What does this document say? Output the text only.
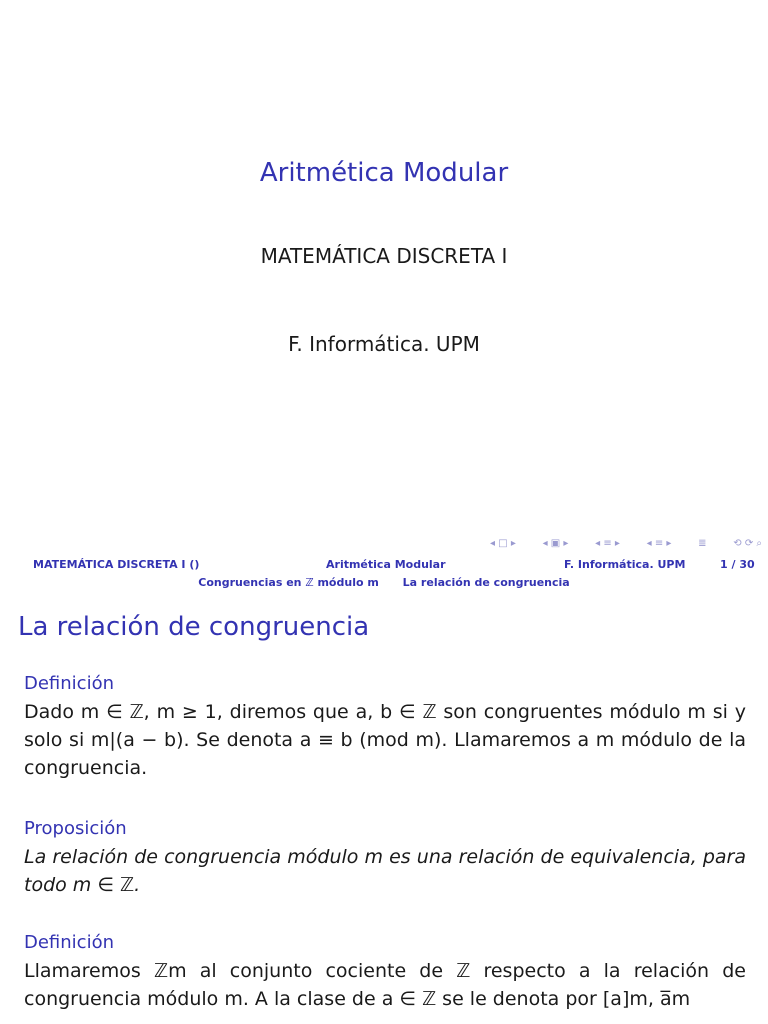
Aritmética Modular
MATEMÁTICA DISCRETA I
F. Informática. UPM
◂ □ ▸	◂ ▣ ▸	◂ ≡ ▸	◂ ≡ ▸	≣	⟲ ⟳ ⌕
MATEMÁTICA DISCRETA I ()	Aritmética Modular	F. Informática. UPM	1 / 30
Congruencias en ℤ módulo m La relación de congruencia
La relación de congruencia
Definición
Dado m ∈ ℤ, m ≥ 1, diremos que a, b ∈ ℤ son congruentes módulo m si y solo si m|(a − b). Se denota a ≡ b (mod m). Llamaremos a m módulo de la congruencia.
Proposición
La relación de congruencia módulo m es una relación de equivalencia, para todo m ∈ ℤ.
Definición
Llamaremos ℤm al conjunto cociente de ℤ respecto a la relación de congruencia módulo m. A la clase de a ∈ ℤ se le denota por [a]m, a̅m
